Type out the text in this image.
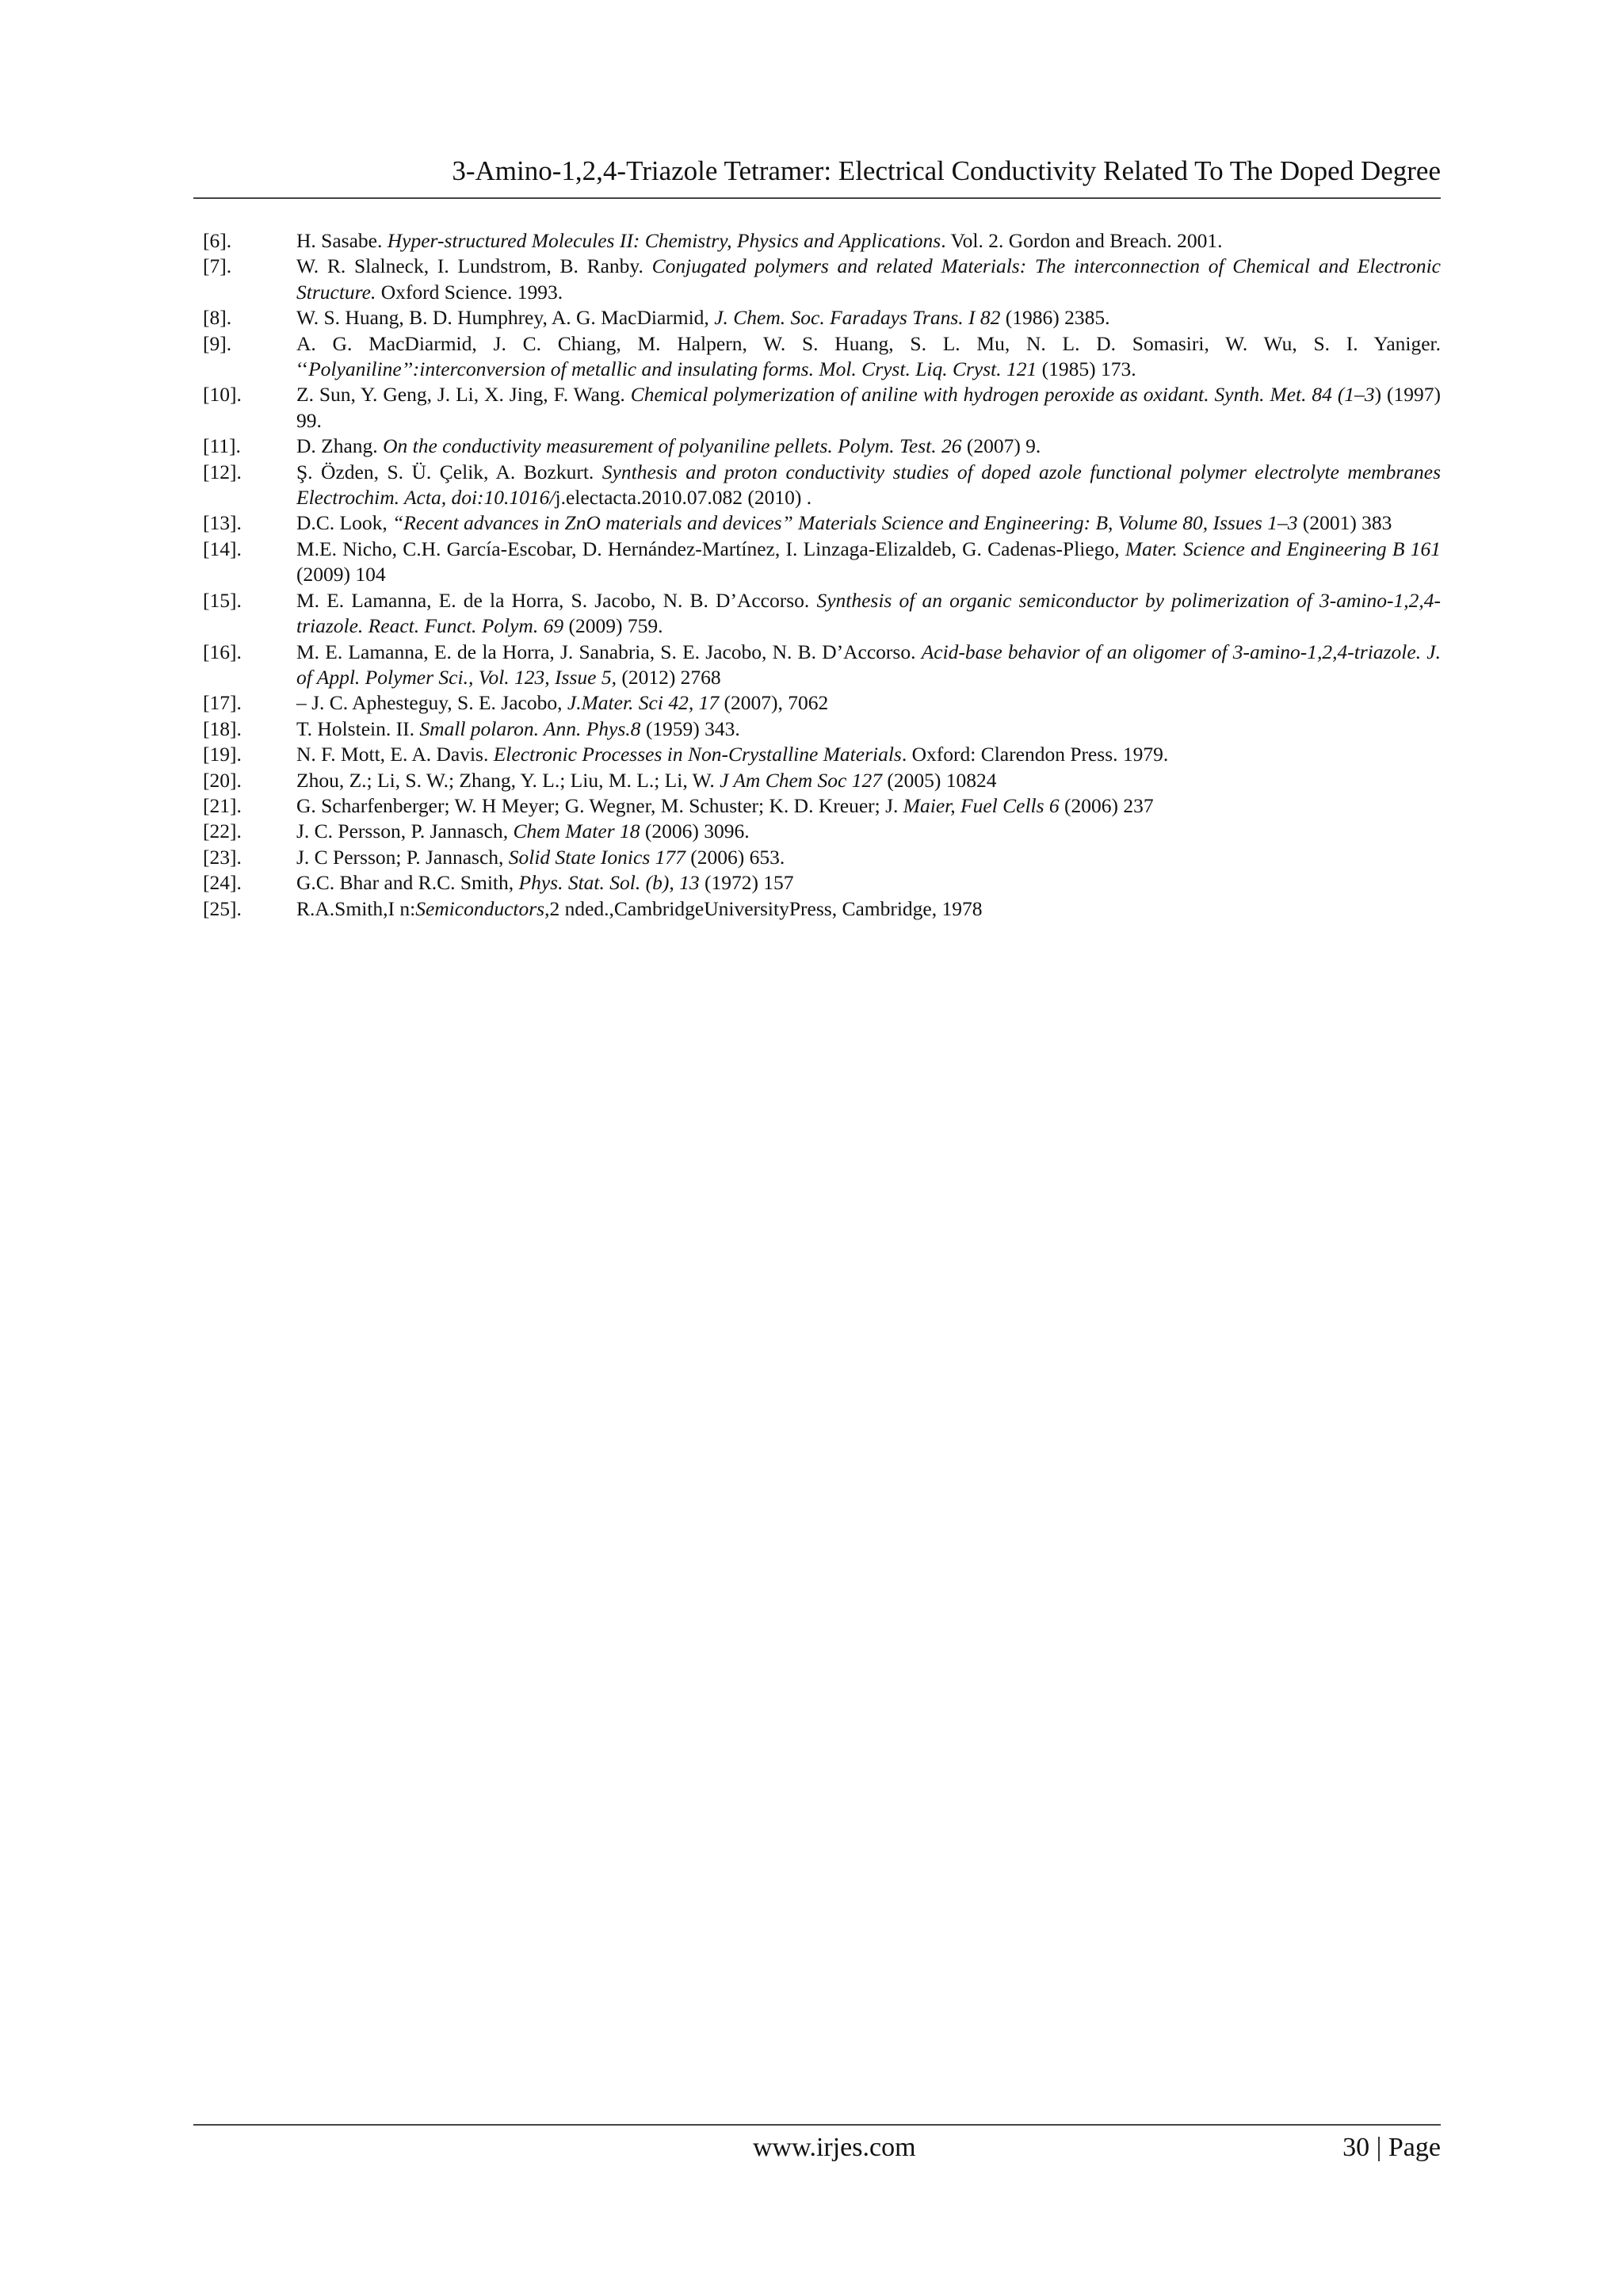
3-Amino-1,2,4-Triazole Tetramer: Electrical Conductivity Related To The Doped Degree
[6].	H. Sasabe. Hyper-structured Molecules II: Chemistry, Physics and Applications. Vol. 2. Gordon and Breach. 2001.
[7].	W. R. Slalneck, I. Lundstrom, B. Ranby. Conjugated polymers and related Materials: The interconnection of Chemical and Electronic Structure. Oxford Science. 1993.
[8].	W. S. Huang, B. D. Humphrey, A. G. MacDiarmid, J. Chem. Soc. Faradays Trans. I 82 (1986) 2385.
[9].	A. G. MacDiarmid, J. C. Chiang, M. Halpern, W. S. Huang, S. L. Mu, N. L. D. Somasiri, W. Wu, S. I. Yaniger. ‘‘Polyaniline’’:interconversion of metallic and insulating forms. Mol. Cryst. Liq. Cryst. 121 (1985) 173.
[10].	Z. Sun, Y. Geng, J. Li, X. Jing, F. Wang. Chemical polymerization of aniline with hydrogen peroxide as oxidant. Synth. Met. 84 (1–3) (1997) 99.
[11].	D. Zhang. On the conductivity measurement of polyaniline pellets. Polym. Test. 26 (2007) 9.
[12].	Ş. Özden, S. Ü. Çelik, A. Bozkurt. Synthesis and proton conductivity studies of doped azole functional polymer electrolyte membranes Electrochim. Acta, doi:10.1016/j.electacta.2010.07.082 (2010) .
[13].	D.C. Look, “Recent advances in ZnO materials and devices” Materials Science and Engineering: B, Volume 80, Issues 1–3 (2001) 383
[14].	M.E. Nicho, C.H. García-Escobar, D. Hernández-Martínez, I. Linzaga-Elizaldeb, G. Cadenas-Pliego, Mater. Science and Engineering B 161 (2009) 104
[15].	M. E. Lamanna, E. de la Horra, S. Jacobo, N. B. D’Accorso. Synthesis of an organic semiconductor by polimerization of 3-amino-1,2,4-triazole. React. Funct. Polym. 69 (2009) 759.
[16].	M. E. Lamanna, E. de la Horra, J. Sanabria, S. E. Jacobo, N. B. D’Accorso. Acid-base behavior of an oligomer of 3-amino-1,2,4-triazole. J. of Appl. Polymer Sci., Vol. 123, Issue 5, (2012) 2768
[17].	– J. C. Aphesteguy, S. E. Jacobo, J.Mater. Sci 42, 17 (2007), 7062
[18].	T. Holstein. II. Small polaron. Ann. Phys.8 (1959) 343.
[19].	N. F. Mott, E. A. Davis. Electronic Processes in Non-Crystalline Materials. Oxford: Clarendon Press. 1979.
[20].	Zhou, Z.; Li, S. W.; Zhang, Y. L.; Liu, M. L.; Li, W. J Am Chem Soc 127 (2005) 10824
[21].	G. Scharfenberger; W. H Meyer; G. Wegner, M. Schuster; K. D. Kreuer; J. Maier, Fuel Cells 6 (2006) 237
[22].	J. C. Persson, P. Jannasch, Chem Mater 18 (2006) 3096.
[23].	J. C Persson; P. Jannasch, Solid State Ionics 177 (2006) 653.
[24].	G.C. Bhar and R.C. Smith, Phys. Stat. Sol. (b), 13 (1972) 157
[25].	R.A.Smith,I n:Semiconductors,2 nded.,CambridgeUniversityPress, Cambridge, 1978
www.irjes.com	30 | Page
